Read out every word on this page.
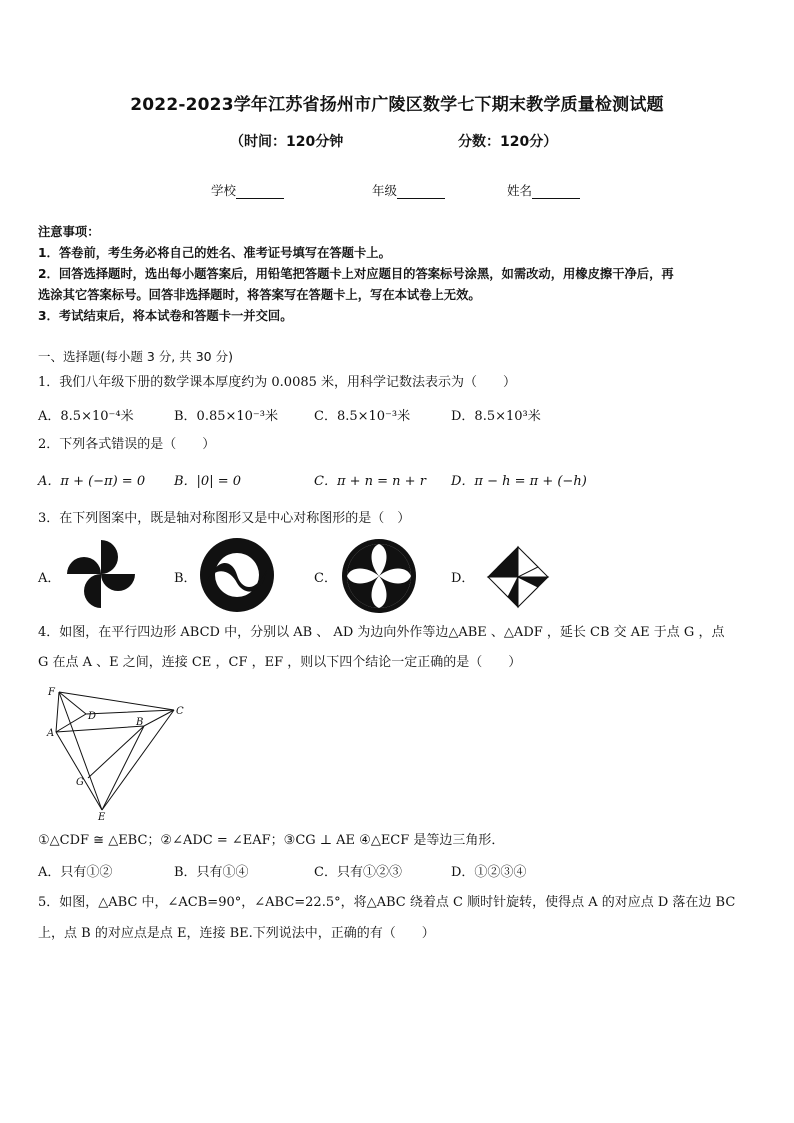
2022-2023学年江苏省扬州市广陵区数学七下期末教学质量检测试题
（时间：120分钟	分数：120分）
学校	年级	姓名
注意事项：
1．答卷前，考生务必将自己的姓名、准考证号填写在答题卡上。
2．回答选择题时，选出每小题答案后，用铅笔把答题卡上对应题目的答案标号涂黑，如需改动，用橡皮擦干净后，再
选涂其它答案标号。回答非选择题时，将答案写在答题卡上，写在本试卷上无效。
3．考试结束后，将本试卷和答题卡一并交回。
一、选择题(每小题 3 分, 共 30 分)
1．我们八年级下册的数学课本厚度约为 0.0085 米，用科学记数法表示为（　　）
A．8.5×10⁻⁴米	B．0.85×10⁻³米	C．8.5×10⁻³米	D．8.5×10³米
2．下列各式错误的是（　　）
A．π + (−π) = 0 B．|0| = 0	C．π + n = n + r D．π − h = π + (−h)
3．在下列图案中，既是轴对称图形又是中心对称图形的是（　）
A．	B．	C．	D．
4．如图，在平行四边形 ABCD 中，分别以 AB 、 AD 为边向外作等边△ABE 、△ADF ，延长 CB 交 AE 于点 G ，点
G 在点 A 、E 之间，连接 CE ，CF ，EF ，则以下四个结论一定正确的是（　　）
F
D	C
B
A
G
E
①△CDF ≅ △EBC；②∠ADC = ∠EAF；③CG ⊥ AE ④△ECF 是等边三角形．
A．只有①②	B．只有①④	C．只有①②③	D．①②③④
5．如图，△ABC 中，∠ACB=90°，∠ABC=22.5°，将△ABC 绕着点 C 顺时针旋转，使得点 A 的对应点 D 落在边 BC
上，点 B 的对应点是点 E，连接 BE.下列说法中，正确的有（　　）
